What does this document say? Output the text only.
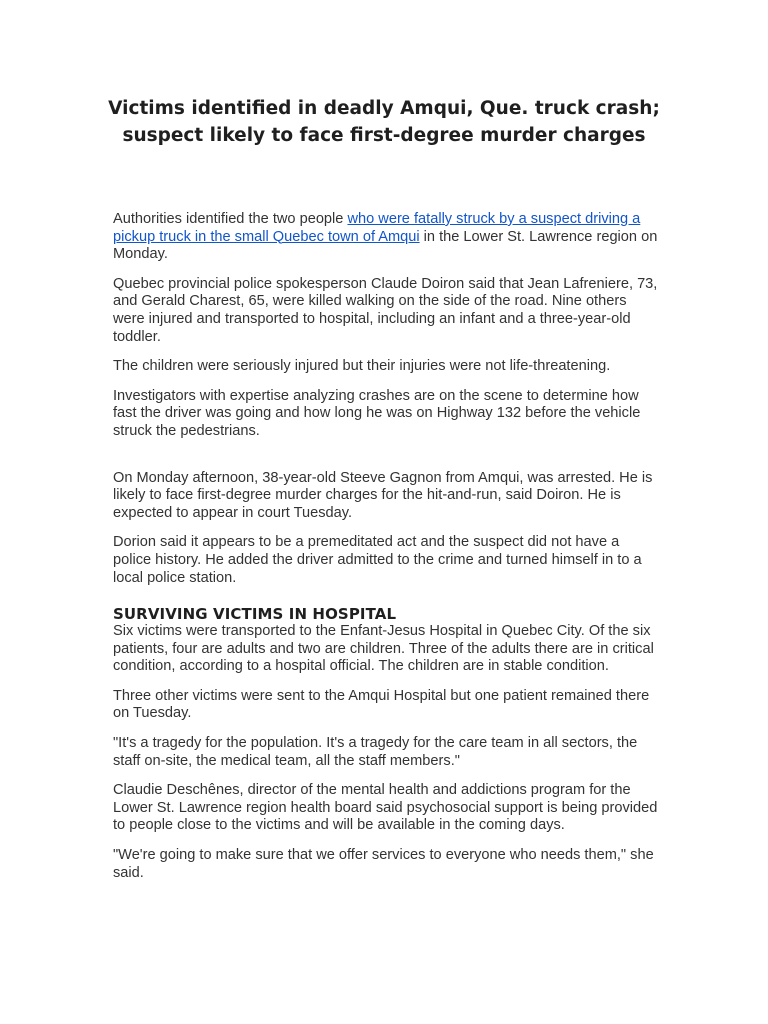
Victims identified in deadly Amqui, Que. truck crash; suspect likely to face first-degree murder charges

Authorities identified the two people who were fatally struck by a suspect driving a pickup truck in the small Quebec town of Amqui in the Lower St. Lawrence region on Monday.

Quebec provincial police spokesperson Claude Doiron said that Jean Lafreniere, 73, and Gerald Charest, 65, were killed walking on the side of the road. Nine others were injured and transported to hospital, including an infant and a three-year-old toddler.

The children were seriously injured but their injuries were not life-threatening.

Investigators with expertise analyzing crashes are on the scene to determine how fast the driver was going and how long he was on Highway 132 before the vehicle struck the pedestrians.

On Monday afternoon, 38-year-old Steeve Gagnon from Amqui, was arrested. He is likely to face first-degree murder charges for the hit-and-run, said Doiron. He is expected to appear in court Tuesday.

Dorion said it appears to be a premeditated act and the suspect did not have a police history. He added the driver admitted to the crime and turned himself in to a local police station.

SURVIVING VICTIMS IN HOSPITAL

Six victims were transported to the Enfant-Jesus Hospital in Quebec City. Of the six patients, four are adults and two are children. Three of the adults there are in critical condition, according to a hospital official. The children are in stable condition.

Three other victims were sent to the Amqui Hospital but one patient remained there on Tuesday.

"It's a tragedy for the population. It's a tragedy for the care team in all sectors, the staff on-site, the medical team, all the staff members."

Claudie Deschênes, director of the mental health and addictions program for the Lower St. Lawrence region health board said psychosocial support is being provided to people close to the victims and will be available in the coming days.

"We're going to make sure that we offer services to everyone who needs them," she said.
